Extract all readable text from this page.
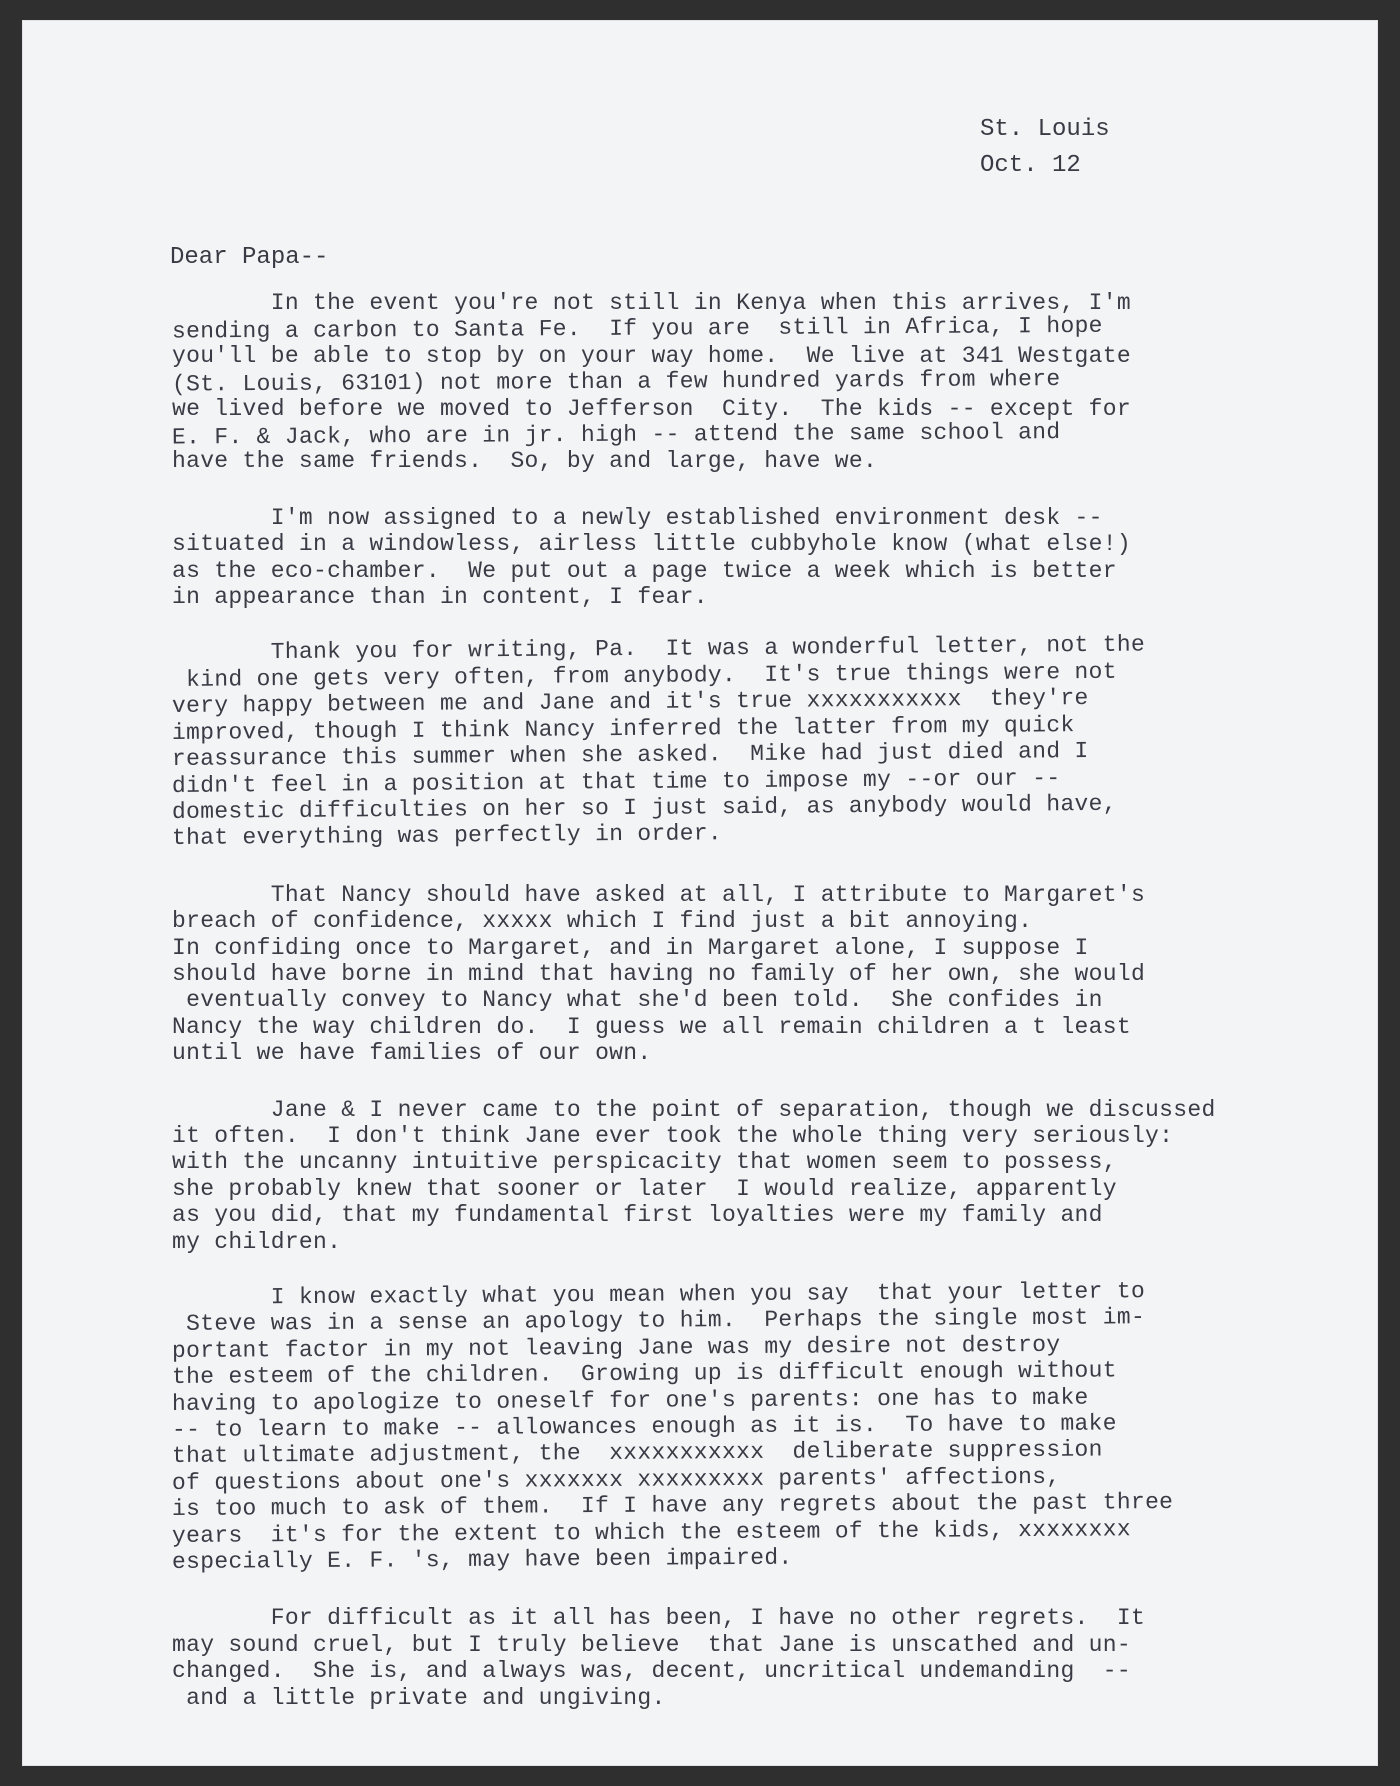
St. Louis
Oct. 12
Dear Papa--
In the event you're not still in Kenya when this arrives, I'm
sending a carbon to Santa Fe.  If you are  still in Africa, I hope
you'll be able to stop by on your way home.  We live at 341 Westgate
(St. Louis, 63101) not more than a few hundred yards from where
we lived before we moved to Jefferson  City.  The kids -- except for
E. F. & Jack, who are in jr. high -- attend the same school and
have the same friends.  So, by and large, have we.
I'm now assigned to a newly established environment desk --
situated in a windowless, airless little cubbyhole know (what else!)
as the eco-chamber.  We put out a page twice a week which is better
in appearance than in content, I fear.
Thank you for writing, Pa.  It was a wonderful letter, not the
kind one gets very often, from anybody.  It's true things were not
very happy between me and Jane and it's true xxxxxxxxxxx  they're
improved, though I think Nancy inferred the latter from my quick
reassurance this summer when she asked.  Mike had just died and I
didn't feel in a position at that time to impose my --or our --
domestic difficulties on her so I just said, as anybody would have,
that everything was perfectly in order.
That Nancy should have asked at all, I attribute to Margaret's
breach of confidence, xxxxx which I find just a bit annoying.
In confiding once to Margaret, and in Margaret alone, I suppose I
should have borne in mind that having no family of her own, she would
eventually convey to Nancy what she'd been told.  She confides in
Nancy the way children do.  I guess we all remain children a t least
until we have families of our own.
Jane & I never came to the point of separation, though we discussed
it often.  I don't think Jane ever took the whole thing very seriously:
with the uncanny intuitive perspicacity that women seem to possess,
she probably knew that sooner or later  I would realize, apparently
as you did, that my fundamental first loyalties were my family and
my children.
I know exactly what you mean when you say  that your letter to
Steve was in a sense an apology to him.  Perhaps the single most im-
portant factor in my not leaving Jane was my desire not destroy
the esteem of the children.  Growing up is difficult enough without
having to apologize to oneself for one's parents: one has to make
-- to learn to make -- allowances enough as it is.  To have to make
that ultimate adjustment, the  xxxxxxxxxxx  deliberate suppression
of questions about one's xxxxxxx xxxxxxxxx parents' affections,
is too much to ask of them.  If I have any regrets about the past three
years  it's for the extent to which the esteem of the kids, xxxxxxxx
especially E. F. 's, may have been impaired.
For difficult as it all has been, I have no other regrets.  It
may sound cruel, but I truly believe  that Jane is unscathed and un-
changed.  She is, and always was, decent, uncritical undemanding  --
and a little private and ungiving.
